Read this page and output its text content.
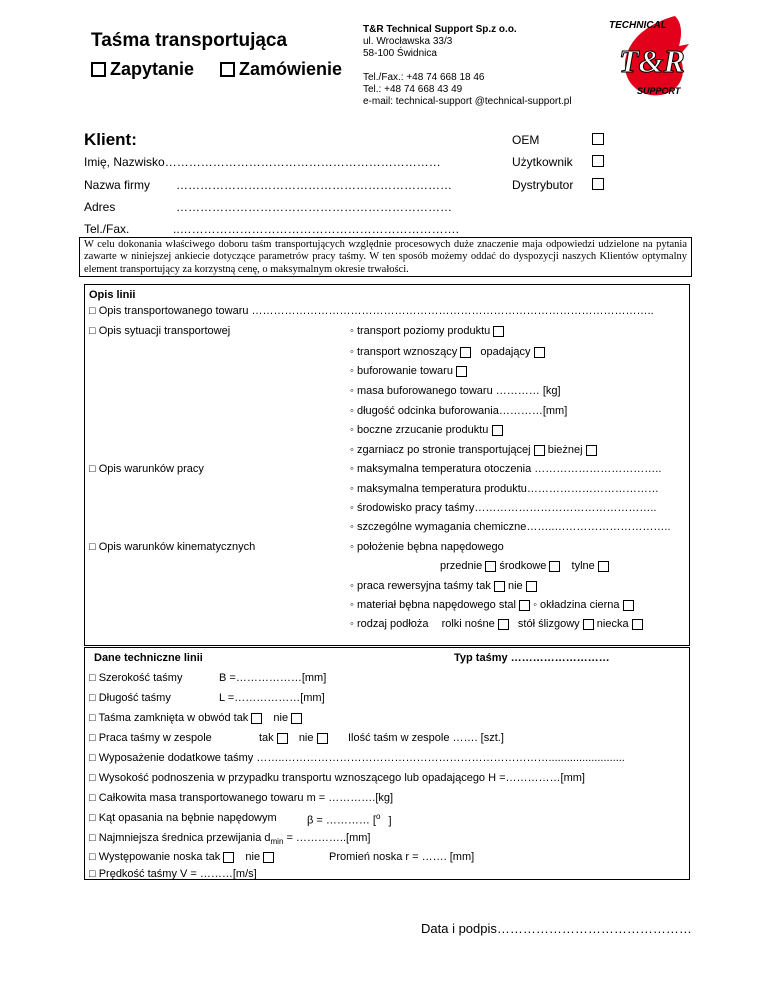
Taśma transportująca
Zapytanie	Zamówienie
T&R Technical Support Sp.z o.o.
ul. Wrocławska 33/3
58-100 Świdnica
Tel./Fax.: +48 74 668 18 46
Tel.: +48 74 668 43 49
e-mail: technical-support @technical-support.pl
TECHNICAL
T&R
SUPPORT
Klient:
Imię, Nazwisko……………………………………………………………
Nazwa firmy ……………………………………………………………
Adres	……………………………………………………………
Tel./Fax.	..…………………………………………………………….
OEM
Użytkownik
Dystrybutor
W celu dokonania właściwego doboru taśm transportujących względnie procesowych duże znaczenie maja odpowiedzi udzielone na pytania zawarte w niniejszej ankiecie dotyczące parametrów pracy taśmy. W ten sposób możemy oddać do dyspozycji naszych Klientów optymalny element transportujący za korzystną cenę, o maksymalnym okresie trwałości.
Opis linii
□ Opis transportowanego towaru ………………………………………………………………………………………………..
□ Opis sytuacji transportowej	◦ transport poziomy produktu
◦ transport wznoszący opadający
◦ buforowanie towaru
◦ masa buforowanego towaru ………… [kg]
◦ długość odcinka buforowania…………[mm]
◦ boczne zrzucanie produktu
◦ zgarniacz po stronie transportującej bieżnej
□ Opis warunków pracy	◦ maksymalna temperatura otoczenia ……………………………..
◦ maksymalna temperatura produktu………………………………
◦ środowisko pracy taśmy…………………………………………..
◦ szczególne wymagania chemiczne……..…………………………..
□ Opis warunków kinematycznych	◦ położenie bębna napędowego
przednie środkowe tylne
◦ praca rewersyjna taśmy tak nie
◦ materiał bębna napędowego stal ◦ okładzina cierna
◦ rodzaj podłoża rolki nośne stół ślizgowy niecka
Dane techniczne linii	Typ taśmy ………………………
□ Szerokość taśmy	B =………………[mm]
□ Długość taśmy	L =………………[mm]
□ Taśma zamknięta w obwód tak nie
□ Praca taśmy w zespole	tak nie	Ilość taśm w zespole ……. [szt.]
□ Wyposażenie dodatkowe taśmy ……..……………………………………………………………….........................
□ Wysokość podnoszenia w przypadku transportu wznoszącego lub opadającego H =……………[mm]
□ Całkowita masa transportowanego towaru m = ………….[kg]
□ Kąt opasania na bębnie napędowym	β = ………… [$^o$ ]
□ Najmniejsza średnica przewijania $d_{min}$ = …………..[mm]
□ Występowanie noska tak nie	Promień noska r = ……. [mm]
□ Prędkość taśmy V = ………[m/s]
Data i podpis………………………………………
